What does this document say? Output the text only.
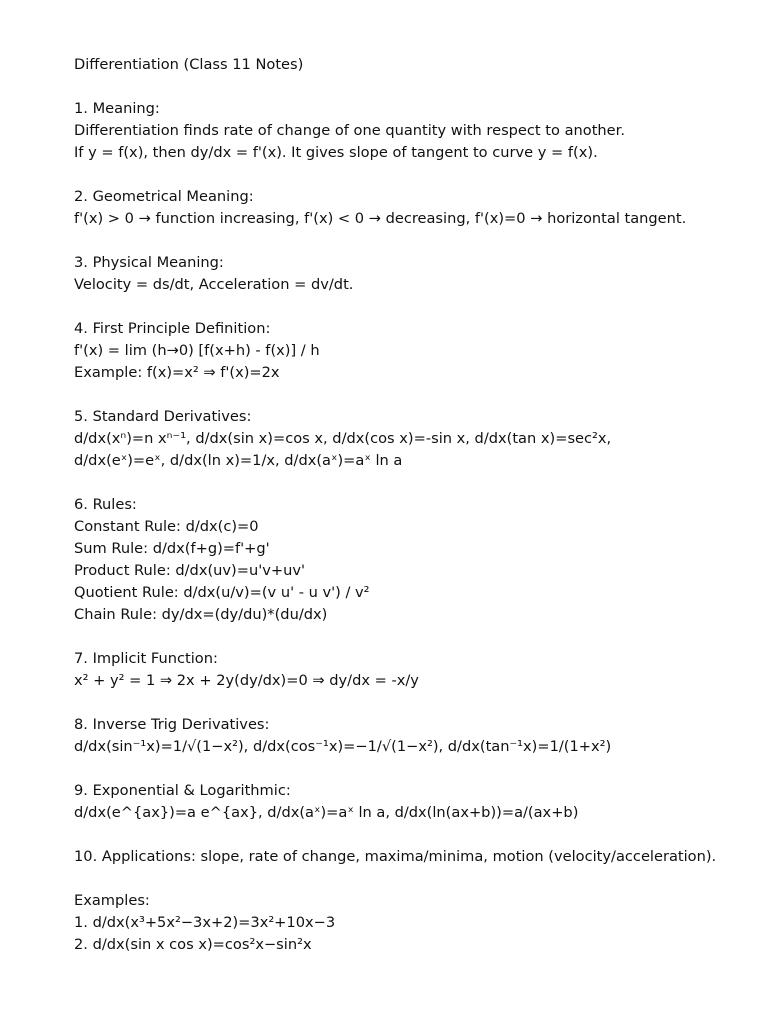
Differentiation (Class 11 Notes)
1. Meaning:
Differentiation finds rate of change of one quantity with respect to another.
If y = f(x), then dy/dx = f'(x). It gives slope of tangent to curve y = f(x).
2. Geometrical Meaning:
f'(x) > 0 → function increasing, f'(x) < 0 → decreasing, f'(x)=0 → horizontal tangent.
3. Physical Meaning:
Velocity = ds/dt, Acceleration = dv/dt.
4. First Principle Definition:
f'(x) = lim (h→0) [f(x+h) - f(x)] / h
Example: f(x)=x² ⇒ f'(x)=2x
5. Standard Derivatives:
d/dx(xⁿ)=n xⁿ⁻¹, d/dx(sin x)=cos x, d/dx(cos x)=-sin x, d/dx(tan x)=sec²x,
d/dx(eˣ)=eˣ, d/dx(ln x)=1/x, d/dx(aˣ)=aˣ ln a
6. Rules:
Constant Rule: d/dx(c)=0
Sum Rule: d/dx(f+g)=f'+g'
Product Rule: d/dx(uv)=u'v+uv'
Quotient Rule: d/dx(u/v)=(v u' - u v') / v²
Chain Rule: dy/dx=(dy/du)*(du/dx)
7. Implicit Function:
x² + y² = 1 ⇒ 2x + 2y(dy/dx)=0 ⇒ dy/dx = -x/y
8. Inverse Trig Derivatives:
d/dx(sin⁻¹x)=1/√(1−x²), d/dx(cos⁻¹x)=−1/√(1−x²), d/dx(tan⁻¹x)=1/(1+x²)
9. Exponential & Logarithmic:
d/dx(e^{ax})=a e^{ax}, d/dx(aˣ)=aˣ ln a, d/dx(ln(ax+b))=a/(ax+b)
10. Applications: slope, rate of change, maxima/minima, motion (velocity/acceleration).
Examples:
1. d/dx(x³+5x²−3x+2)=3x²+10x−3
2. d/dx(sin x cos x)=cos²x−sin²x
